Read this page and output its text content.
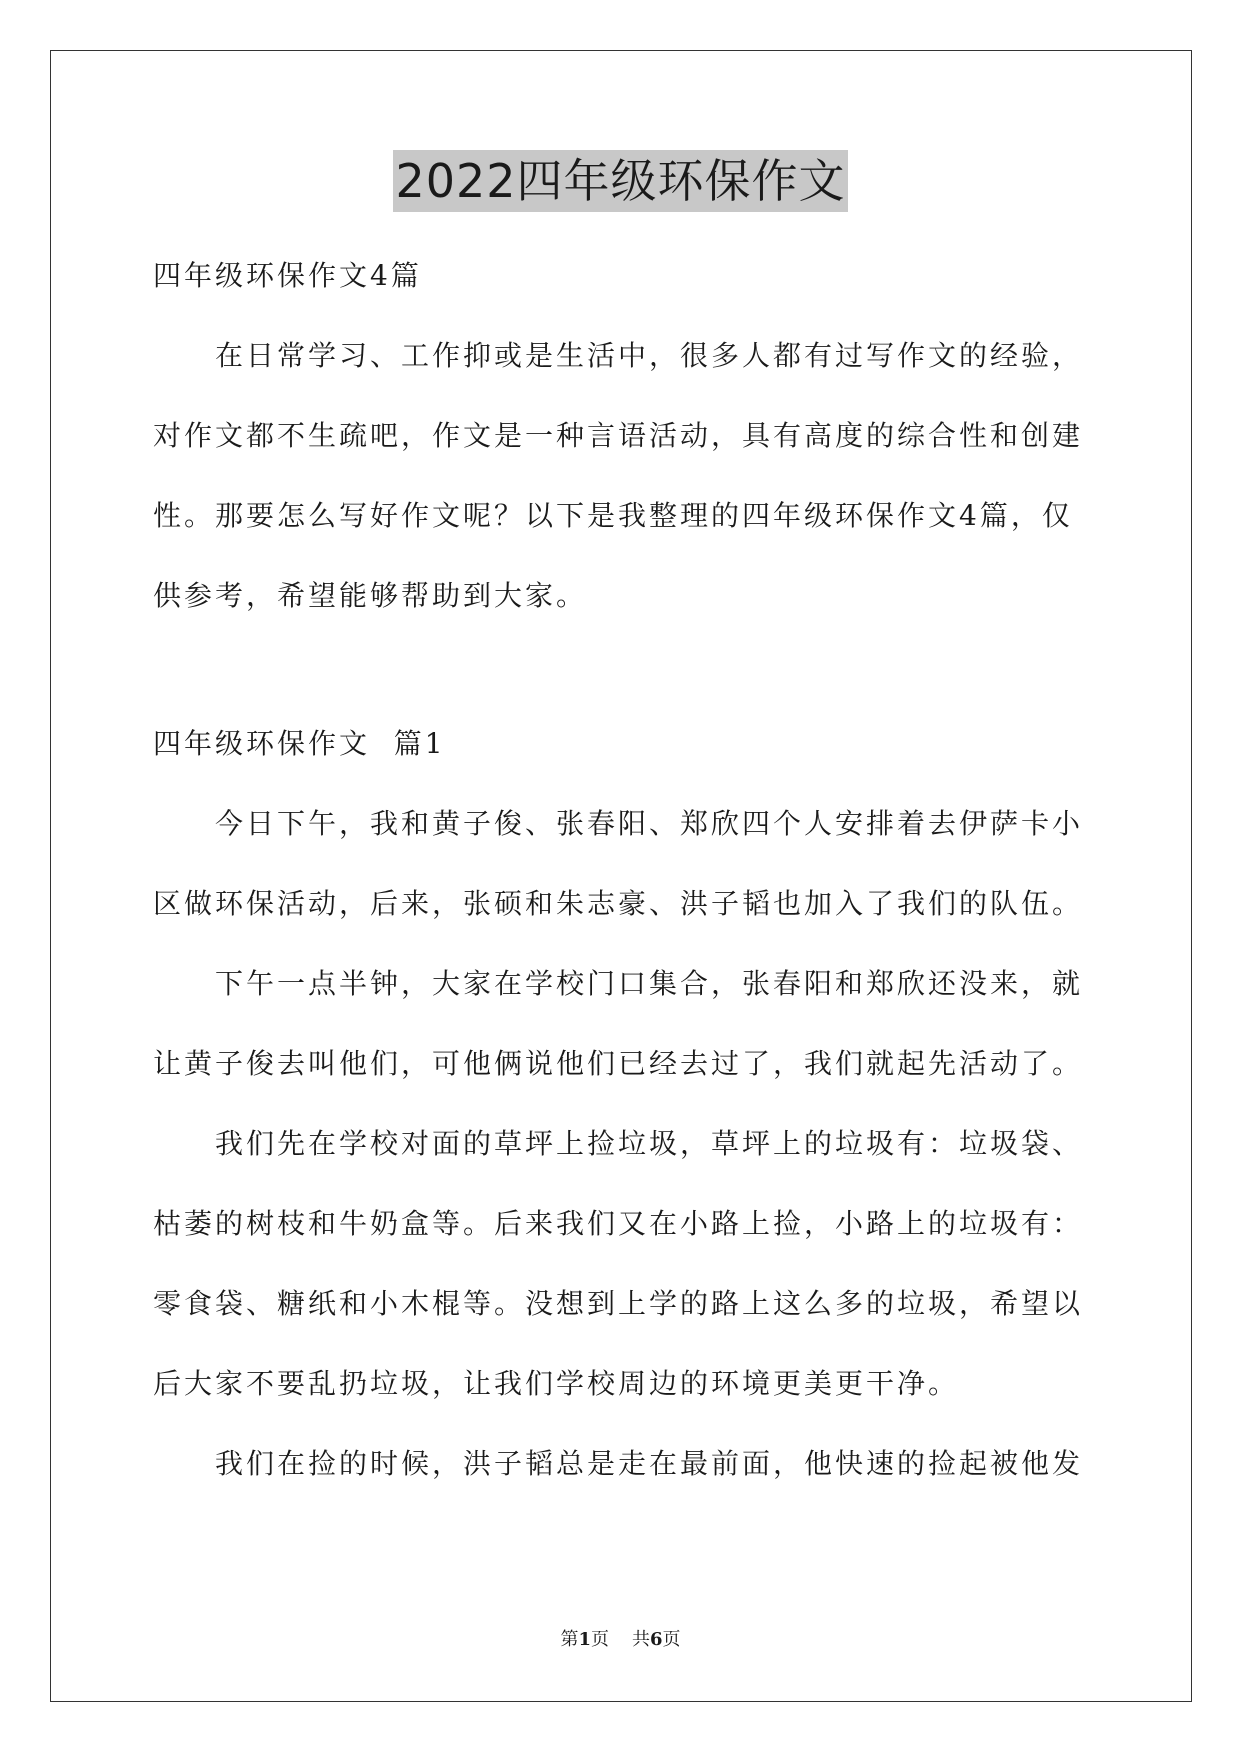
2022四年级环保作文
四年级环保作文4篇
在日常学习、工作抑或是生活中，很多人都有过写作文的经验，
对作文都不生疏吧，作文是一种言语活动，具有高度的综合性和创建
性。那要怎么写好作文呢？以下是我整理的四年级环保作文4篇，仅
供参考，希望能够帮助到大家。
四年级环保作文  篇1
今日下午，我和黄子俊、张春阳、郑欣四个人安排着去伊萨卡小
区做环保活动，后来，张硕和朱志豪、洪子韬也加入了我们的队伍。
下午一点半钟，大家在学校门口集合，张春阳和郑欣还没来，就
让黄子俊去叫他们，可他俩说他们已经去过了，我们就起先活动了。
我们先在学校对面的草坪上捡垃圾，草坪上的垃圾有：垃圾袋、
枯萎的树枝和牛奶盒等。后来我们又在小路上捡，小路上的垃圾有：
零食袋、糖纸和小木棍等。没想到上学的路上这么多的垃圾，希望以
后大家不要乱扔垃圾，让我们学校周边的环境更美更干净。
我们在捡的时候，洪子韬总是走在最前面，他快速的捡起被他发
第1页 共6页
